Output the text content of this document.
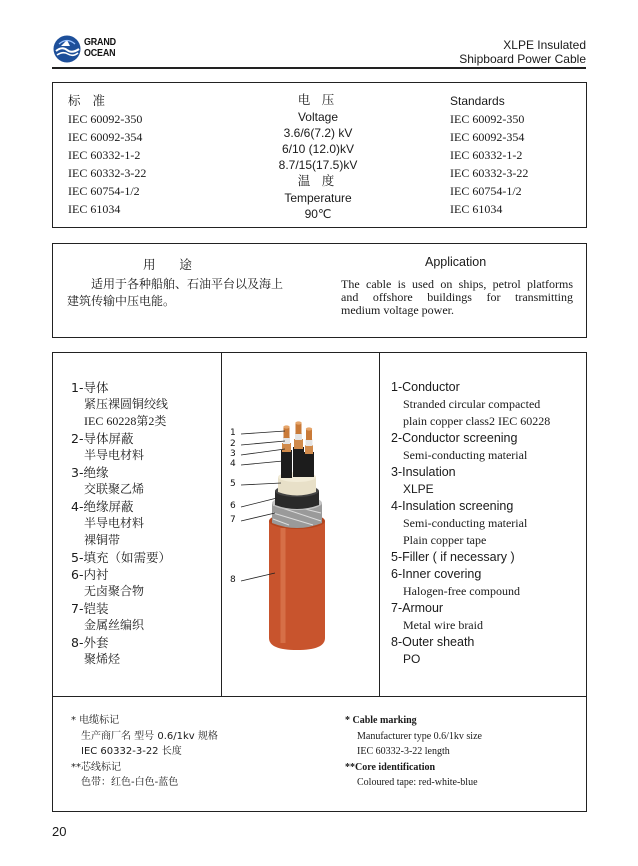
GRAND
OCEAN
XLPE Insulated
Shipboard Power Cable
标 准
IEC 60092-350
IEC 60092-354
IEC 60332-1-2
IEC 60332-3-22
IEC 60754-1/2
IEC 61034
电 压
Voltage
3.6/6(7.2) kV
6/10 (12.0)kV
8.7/15(17.5)kV
温 度
Temperature
90℃
Standards
IEC 60092-350
IEC 60092-354
IEC 60332-1-2
IEC 60332-3-22
IEC 60754-1/2
IEC 61034
用      途
适用于各种船舶、石油平台以及海上
建筑传输中压电能。
Application
The cable is used on ships, petrol platforms
and offshore buildings for transmitting
medium voltage power.
1-导体
紧压裸圆铜绞线
IEC 60228第2类
2-导体屏蔽
半导电材料
3-绝缘
交联聚乙烯
4-绝缘屏蔽
半导电材料
裸铜带
5-填充（如需要）
6-内衬
无卤聚合物
7-铠装
金属丝编织
8-外套
聚烯烃
1
2
3
4
5
6
7
8
1-Conductor
Stranded circular compacted
plain copper class2 IEC 60228
2-Conductor screening
Semi-conducting material
3-Insulation
XLPE
4-Insulation screening
Semi-conducting material
Plain copper tape
5-Filler ( if necessary )
6-Inner covering
Halogen-free compound
7-Armour
Metal wire braid
8-Outer sheath
PO
* 电缆标记
生产商厂名 型号 0.6/1kv 规格
IEC 60332-3-22 长度
**芯线标记
色带：红色-白色-蓝色
* Cable marking
Manufacturer type 0.6/1kv size
IEC 60332-3-22 length
**Core identification
Coloured tape: red-white-blue
20
